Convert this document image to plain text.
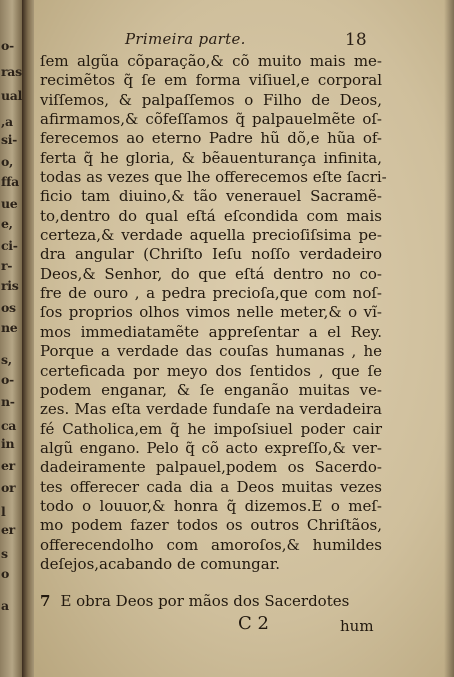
o-
ras
ual
,a
si-
o,
ffa
ue
e,
ci-
r-
ris
os
ne
s,
o-
n-
ca
in
er
or
l
er
s
o
a
Primeira parte.	18
ſem algũa cõparação,& cõ muito mais me-
recimẽtos q̃ ſe em forma viſiuel,e corporal
viſſemos, & palpaſſemos o Filho de Deos,
afirmamos,& cõfeſſamos q̃ palpauelmẽte oſ-
ferecemos ao eterno Padre hũ dõ,e hũa of-
ferta q̃ he gloria, & bẽauenturança infinita,
todas as vezes que lhe offerecemos eſte ſacri-
ficio tam diuino,& tão venerauel Sacramẽ-
to,dentro do qual eſtá eſcondida com mais
certeza,& verdade aquella precioſiſsima pe-
dra angular (Chriſto Ieſu noſſo verdadeiro
Deos,& Senhor, do que eſtá dentro no co-
fre de ouro , a pedra precioſa,que com noſ-
ſos proprios olhos vimos nelle meter,& o vĩ-
mos immediatamẽte appreſentar a el Rey.
Porque a verdade das couſas humanas , he
certeficada por meyo dos ſentidos , que ſe
podem enganar, & ſe enganão muitas ve-
zes. Mas eſta verdade fundaſe na verdadeira
fé Catholica,em q̃ he impoſsiuel poder cair
algũ engano. Pelo q̃ cõ acto expreſſo,& ver-
dadeiramente palpauel,podem os Sacerdo-
tes offerecer cada dia a Deos muitas vezes
todo o louuor,& honra q̃ dizemos.E o meſ-
mo podem fazer todos os outros Chriſtãos,
offerecendolho com amoroſos,& humildes
deſejos,acabando de comungar.
7 E obra Deos por mãos dos Sacerdotes
C 2	hum
